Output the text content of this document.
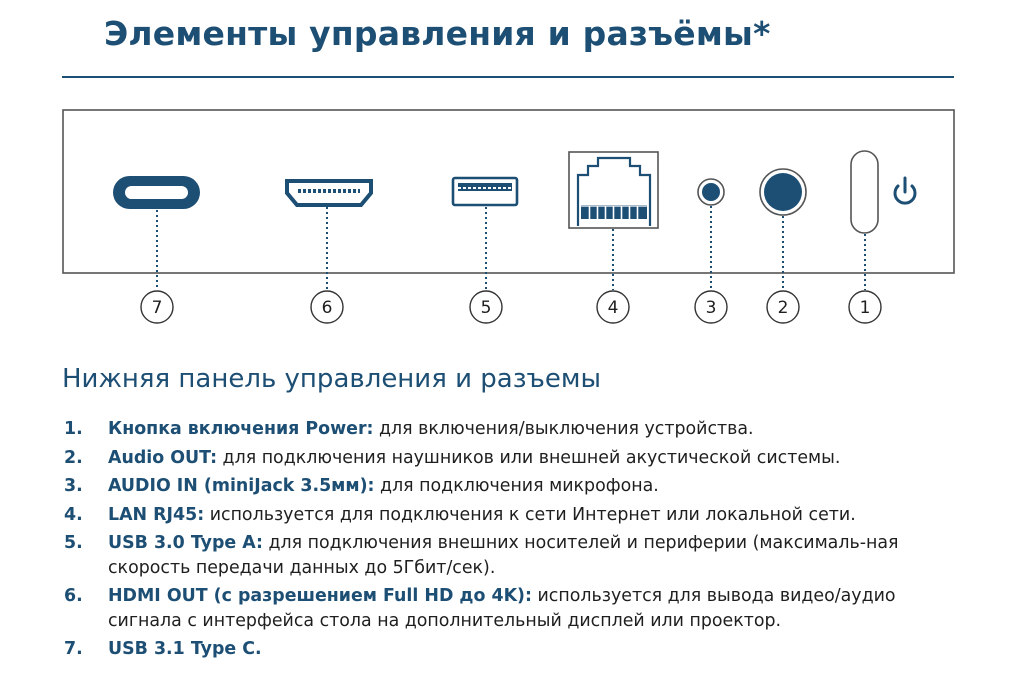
Элементы управления и разъёмы*
7	6	5	4	3	2	1
Нижняя панель управления и разъемы
1.	Кнопка включения Power: для включения/выключения устройства.
2.	Audio OUT: для подключения наушников или внешней акустической системы.
3.	AUDIO IN (miniJack 3.5мм): для подключения микрофона.
4.	LAN RJ45: используется для подключения к сети Интернет или локальной сети.
5.	USB 3.0 Type A: для подключения внешних носителей и периферии (максималь-ная скорость передачи данных до 5Гбит/сек).
6.	HDMI OUT (с разрешением Full HD до 4K): используется для вывода видео/аудио сигнала с интерфейса стола на дополнительный дисплей или проектор.
7.	USB 3.1 Type C.
